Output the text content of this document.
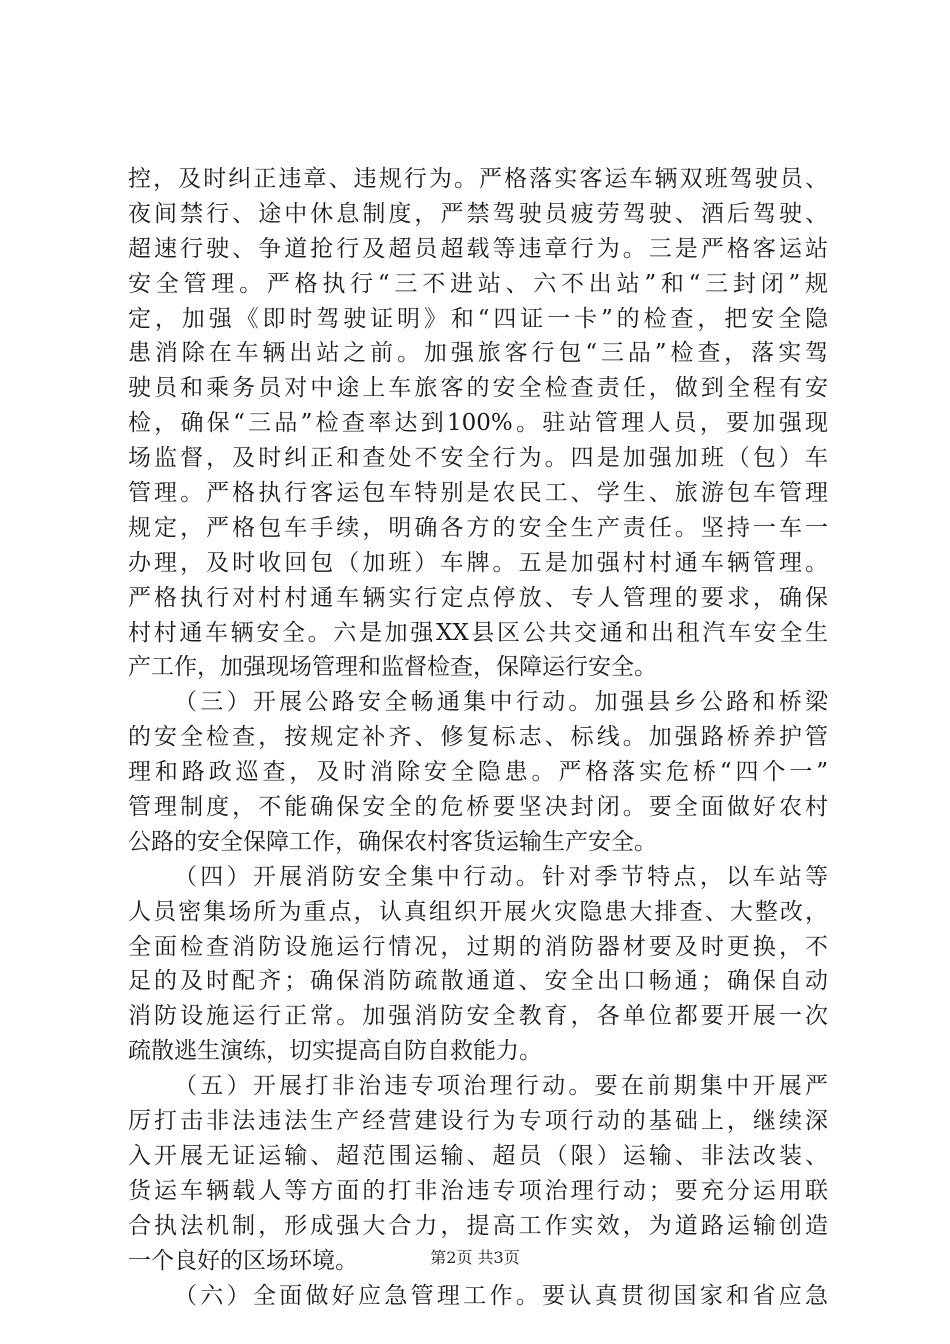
控，及时纠正违章、违规行为。严格落实客运车辆双班驾驶员、
夜间禁行、途中休息制度，严禁驾驶员疲劳驾驶、酒后驾驶、
超速行驶、争道抢行及超员超载等违章行为。三是严格客运站
安全管理。严格执行“三不进站、六不出站”和“三封闭”规
定，加强《即时驾驶证明》和“四证一卡”的检查，把安全隐
患消除在车辆出站之前。加强旅客行包“三品”检查，落实驾
驶员和乘务员对中途上车旅客的安全检查责任，做到全程有安
检，确保“三品”检查率达到100%。驻站管理人员，要加强现
场监督，及时纠正和查处不安全行为。四是加强加班（包）车
管理。严格执行客运包车特别是农民工、学生、旅游包车管理
规定，严格包车手续，明确各方的安全生产责任。坚持一车一
办理，及时收回包（加班）车牌。五是加强村村通车辆管理。
严格执行对村村通车辆实行定点停放、专人管理的要求，确保
村村通车辆安全。六是加强XX县区公共交通和出租汽车安全生
产工作，加强现场管理和监督检查，保障运行安全。
（三）开展公路安全畅通集中行动。加强县乡公路和桥梁
的安全检查，按规定补齐、修复标志、标线。加强路桥养护管
理和路政巡查，及时消除安全隐患。严格落实危桥“四个一”
管理制度，不能确保安全的危桥要坚决封闭。要全面做好农村
公路的安全保障工作，确保农村客货运输生产安全。
（四）开展消防安全集中行动。针对季节特点，以车站等
人员密集场所为重点，认真组织开展火灾隐患大排查、大整改，
全面检查消防设施运行情况，过期的消防器材要及时更换，不
足的及时配齐；确保消防疏散通道、安全出口畅通；确保自动
消防设施运行正常。加强消防安全教育，各单位都要开展一次
疏散逃生演练，切实提高自防自救能力。
（五）开展打非治违专项治理行动。要在前期集中开展严
厉打击非法违法生产经营建设行为专项行动的基础上，继续深
入开展无证运输、超范围运输、超员（限）运输、非法改装、
货运车辆载人等方面的打非治违专项治理行动；要充分运用联
合执法机制，形成强大合力，提高工作实效，为道路运输创造
一个良好的区场环境。
（六）全面做好应急管理工作。要认真贯彻国家和省应急
第2页 共3页
